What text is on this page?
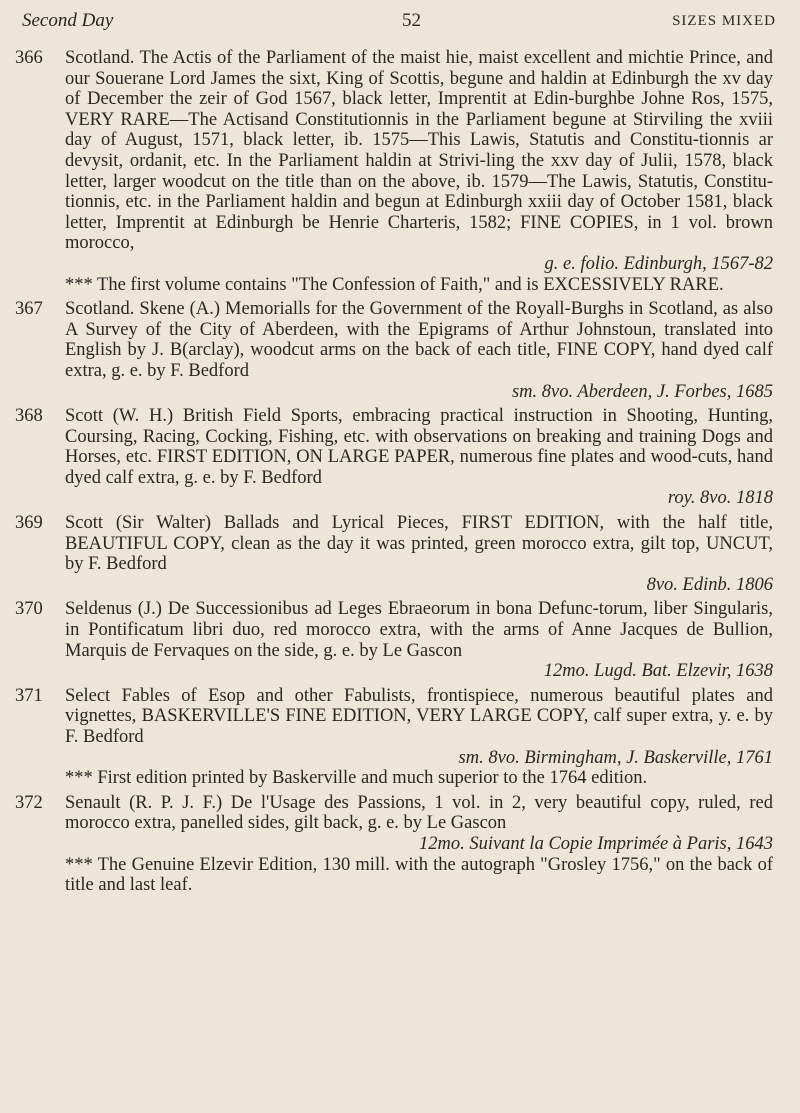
Second Day	52	SIZES MIXED
366	Scotland. The Actis of the Parliament of the maist hie, maist excellent and michtie Prince, and our Souerane Lord James the sixt, King of Scottis, begune and haldin at Edinburgh the xv day of December the zeir of God 1567, black letter, Imprentit at Edin-burghbe Johne Ros, 1575, VERY RARE—The Actisand Constitutionnis in the Parliament begune at Stirviling the xviii day of August, 1571, black letter, ib. 1575—This Lawis, Statutis and Constitu-tionnis ar devysit, ordanit, etc. In the Parliament haldin at Strivi-ling the xxv day of Julii, 1578, black letter, larger woodcut on the title than on the above, ib. 1579—The Lawis, Statutis, Constitu-tionnis, etc. in the Parliament haldin and begun at Edinburgh xxiii day of October 1581, black letter, Imprentit at Edinburgh be Henrie Charteris, 1582; FINE COPIES, in 1 vol. brown morocco,
g. e. folio. Edinburgh, 1567-82
*** The first volume contains "The Confession of Faith," and is EXCESSIVELY RARE.
367	Scotland. Skene (A.) Memorialls for the Government of the Royall-Burghs in Scotland, as also A Survey of the City of Aberdeen, with the Epigrams of Arthur Johnstoun, translated into English by J. B(arclay), woodcut arms on the back of each title, FINE COPY, hand dyed calf extra, g. e. by F. Bedford
sm. 8vo. Aberdeen, J. Forbes, 1685
368	Scott (W. H.) British Field Sports, embracing practical instruction in Shooting, Hunting, Coursing, Racing, Cocking, Fishing, etc. with observations on breaking and training Dogs and Horses, etc. FIRST EDITION, ON LARGE PAPER, numerous fine plates and wood-cuts, hand dyed calf extra, g. e. by F. Bedford
roy. 8vo. 1818
369	Scott (Sir Walter) Ballads and Lyrical Pieces, FIRST EDITION, with the half title, BEAUTIFUL COPY, clean as the day it was printed, green morocco extra, gilt top, UNCUT, by F. Bedford
8vo. Edinb. 1806
370	Seldenus (J.) De Successionibus ad Leges Ebraeorum in bona Defunc-torum, liber Singularis, in Pontificatum libri duo, red morocco extra, with the arms of Anne Jacques de Bullion, Marquis de Fervaques on the side, g. e. by Le Gascon
12mo. Lugd. Bat. Elzevir, 1638
371	Select Fables of Esop and other Fabulists, frontispiece, numerous beautiful plates and vignettes, BASKERVILLE'S FINE EDITION, VERY LARGE COPY, calf super extra, y. e. by F. Bedford
sm. 8vo. Birmingham, J. Baskerville, 1761
*** First edition printed by Baskerville and much superior to the 1764 edition.
372	Senault (R. P. J. F.) De l'Usage des Passions, 1 vol. in 2, very beautiful copy, ruled, red morocco extra, panelled sides, gilt back, g. e. by Le Gascon
12mo. Suivant la Copie Imprimée à Paris, 1643
*** The Genuine Elzevir Edition, 130 mill. with the autograph "Grosley 1756," on the back of title and last leaf.
